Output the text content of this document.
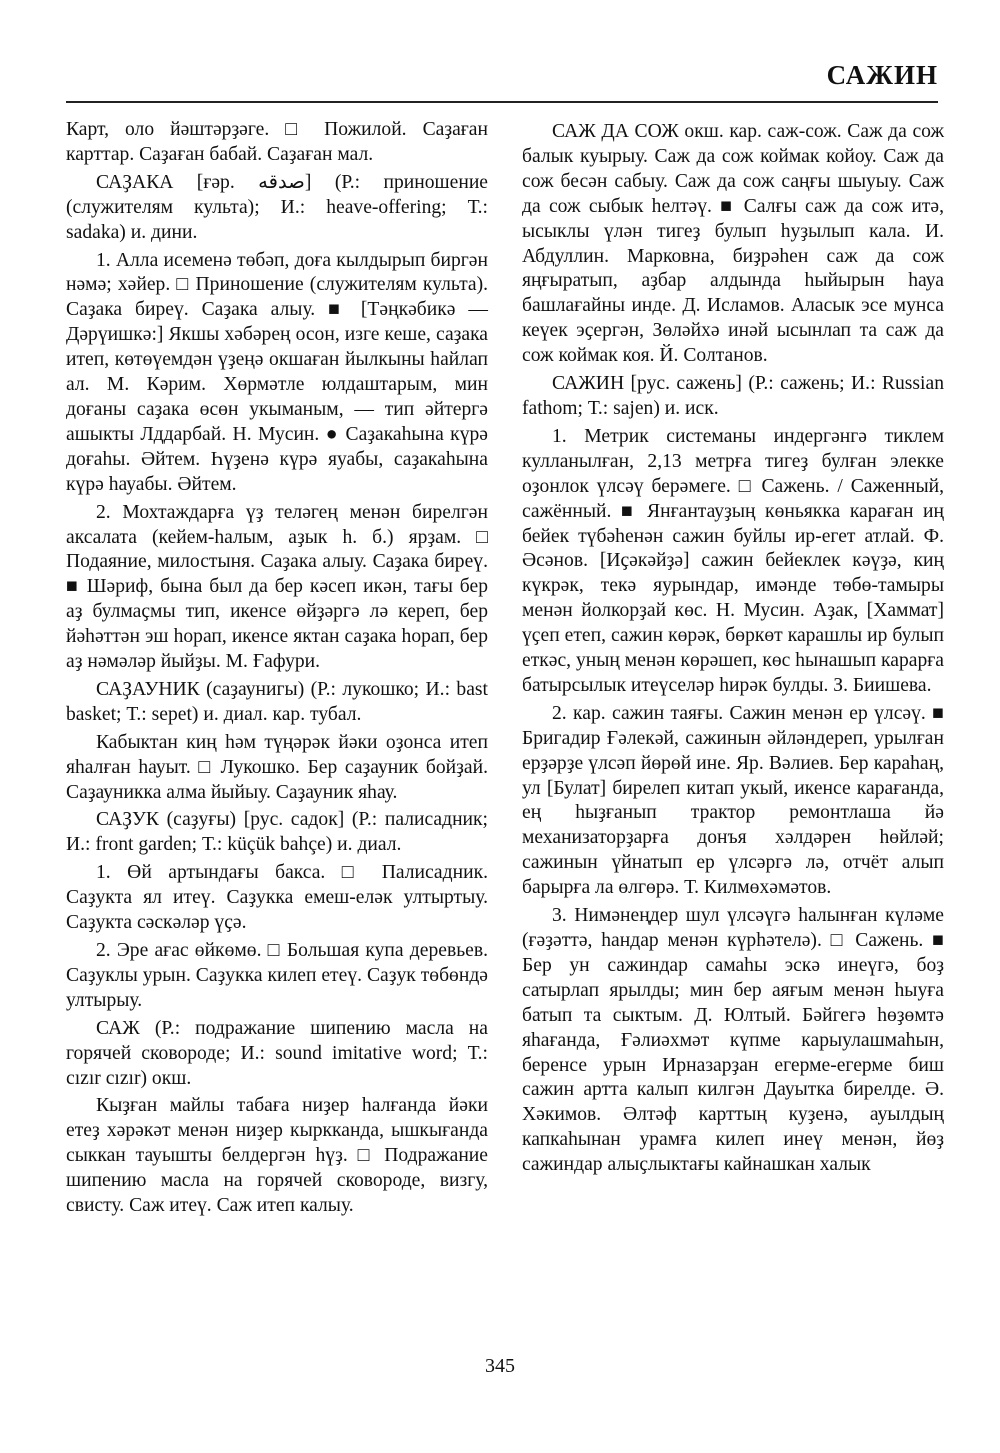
САЖИН

Карт, оло йәштәрҙәге. □ Пожилой. Саҙаған карттар. Саҙаған бабай. Саҙаған мал.

САҘАКА [ғәр. صدقه] (Р.: приношение (служителям культа); И.: heave-offering; Т.: sadaka) и. дини.

1. Алла исеменә төбәп, доға кылдырып биргән нәмә; хәйер. □ Приношение (служителям культа). Саҙака биреү. Саҙака алыу. ■ [Тәңкәбикә — Дәрүишкә:] Якшы хәбәрең осон, изге кеше, саҙака итеп, көтөүемдән үҙеңә окшаған йылкыны һайлап ал. М. Кәрим. Хөрмәтле юлдаштарым, мин доғаны саҙака өсөн укыманым, — тип әйтергә ашыкты Лддарбай. Н. Мусин. ● Саҙакаһына күрә доғаһы. Әйтем. Һүҙенә күрә яуабы, саҙакаһына күрә һауабы. Әйтем.

2. Мохтаждарға үҙ теләгең менән бирелгән аксалата (кейем-һалым, аҙык һ. б.) ярҙам. □ Подаяние, милостыня. Саҙака алыу. Саҙака биреү. ■ Шәриф, бына был да бер кәсеп икән, тағы бер аҙ булмаҫмы тип, икенсе өйҙәргә лә кереп, бер йәһәттән эш һорап, икенсе яктан саҙака һорап, бер аҙ нәмәләр йыйҙы. М. Ғафури.

САҘАУНИК (саҙаунигы) (Р.: лукошко; И.: bast basket; Т.: sepet) и. диал. кар. тубал.

Кабыктан киң һәм түңәрәк йәки оҙонса итеп яһалған һауыт. □ Лукошко. Бер саҙауник бойҙай. Саҙауникка алма йыйыу. Саҙауник яһау.

САҘУК (саҙуғы) [рус. садок] (Р.: палисадник; И.: front garden; Т.: küçük bahçe) и. диал.

1. Өй артындағы бакса. □ Палисадник. Саҙукта ял итеү. Саҙукка емеш-еләк ултыртыу. Саҙукта сәскәләр үҫә.

2. Эре ағас өйкөмө. □ Большая купа деревьев. Саҙуклы урын. Саҙукка килеп етеү. Саҙук төбөндә ултырыу.

САЖ (Р.: подражание шипению масла на горячей сковороде; И.: sound imitative word; Т.: cızır cızır) окш.

Кыҙған майлы табаға ниҙер һалғанда йәки етеҙ хәрәкәт менән ниҙер кырккандa, ышкығанда сыккан тауышты белдергән һүҙ. □ Подражание шипению масла на горячей сковороде, визгу, свисту. Саж итеү. Саж итеп калыу.

САЖ ДА СОЖ окш. кар. саж-сож. Саж да сож балык куырыу. Саж да сож коймак койоу. Саж да сож бесән сабыу. Саж да сож саңғы шыуыу. Саж да сож сыбык һелтәү. ■ Салғы саж да сож итә, ысыклы үлән тигеҙ булып һуҙылып кала. И. Абдуллин. Марковна, биҙрәһен саж да сож яңғыратып, аҙбар алдында һыйырын һауа башлағайны инде. Д. Исламов. Аласык эсе мунса кеүек эҫергән, Зөләйхә инәй ысынлап та саж да сож коймак коя. Й. Солтанов.

САЖИН [рус. сажень] (Р.: сажень; И.: Russian fathom; Т.: sajen) и. иск.

1. Метрик системаны индергәнгә тиклем кулланылған, 2,13 метрға тигеҙ булған элекке оҙонлок үлсәү берәмеге. □ Сажень. / Саженный, сажённый. ■ Янғантауҙың көньякка караған иң бейек түбәһенән сажин буйлы ир-егет атлай. Ф. Әсәнов. [Иҫәкәйҙә] сажин бейеклек кәүҙә, киң күкрәк, текә яурындар, имәнде төбө-тамыры менән йолкорҙай көс. Н. Мусин. Аҙак, [Хаммат] үҫеп етеп, сажин көрәк, бөркөт карашлы ир булып еткәс, уның менән көрәшеп, көс һынашып карарға батырсылык итеүселәр һирәк булды. З. Биишева.

2. кар. сажин таяғы. Сажин менән ер үлсәү. ■ Бригадир Ғәлекәй, сажинын әйләндереп, урылған ерҙәрҙе үлсәп йөрөй ине. Яр. Вәлиев. Бер караһаң, ул [Булат] бирелеп китап укый, икенсе карағанда, ең һыҙғанып трактор ремонтлаша йә механизаторҙарға донъя хәлдәрен һөйләй; сажинын үйнатып ер үлсәргә лә, отчёт алып барырға ла өлгөрә. Т. Килмөхәмәтов.

3. Нимәнеңдер шул үлсәүгә һалынған күләме (ғәҙәттә, һандар менән күрһәтелә). □ Сажень. ■ Бер ун сажиндар самаһы эскә инеүгә, боҙ сатырлап ярылды; мин бер аяғым менән һыуға батып та сыктым. Д. Юлтый. Бәйгегә һөҙөмтә яһағанда, Ғәлиәхмәт күпме карыулашмаһын, беренсе урын Ирназарҙан егерме-егерме биш сажин артта калып килгән Дауытка бирелде. Ә. Хәкимов. Әлтәф карттың куҙенә, ауылдың капкаһынан урамға килеп инеү менән, йөҙ сажиндар алыҫлыктағы кайнашкан халык

345
